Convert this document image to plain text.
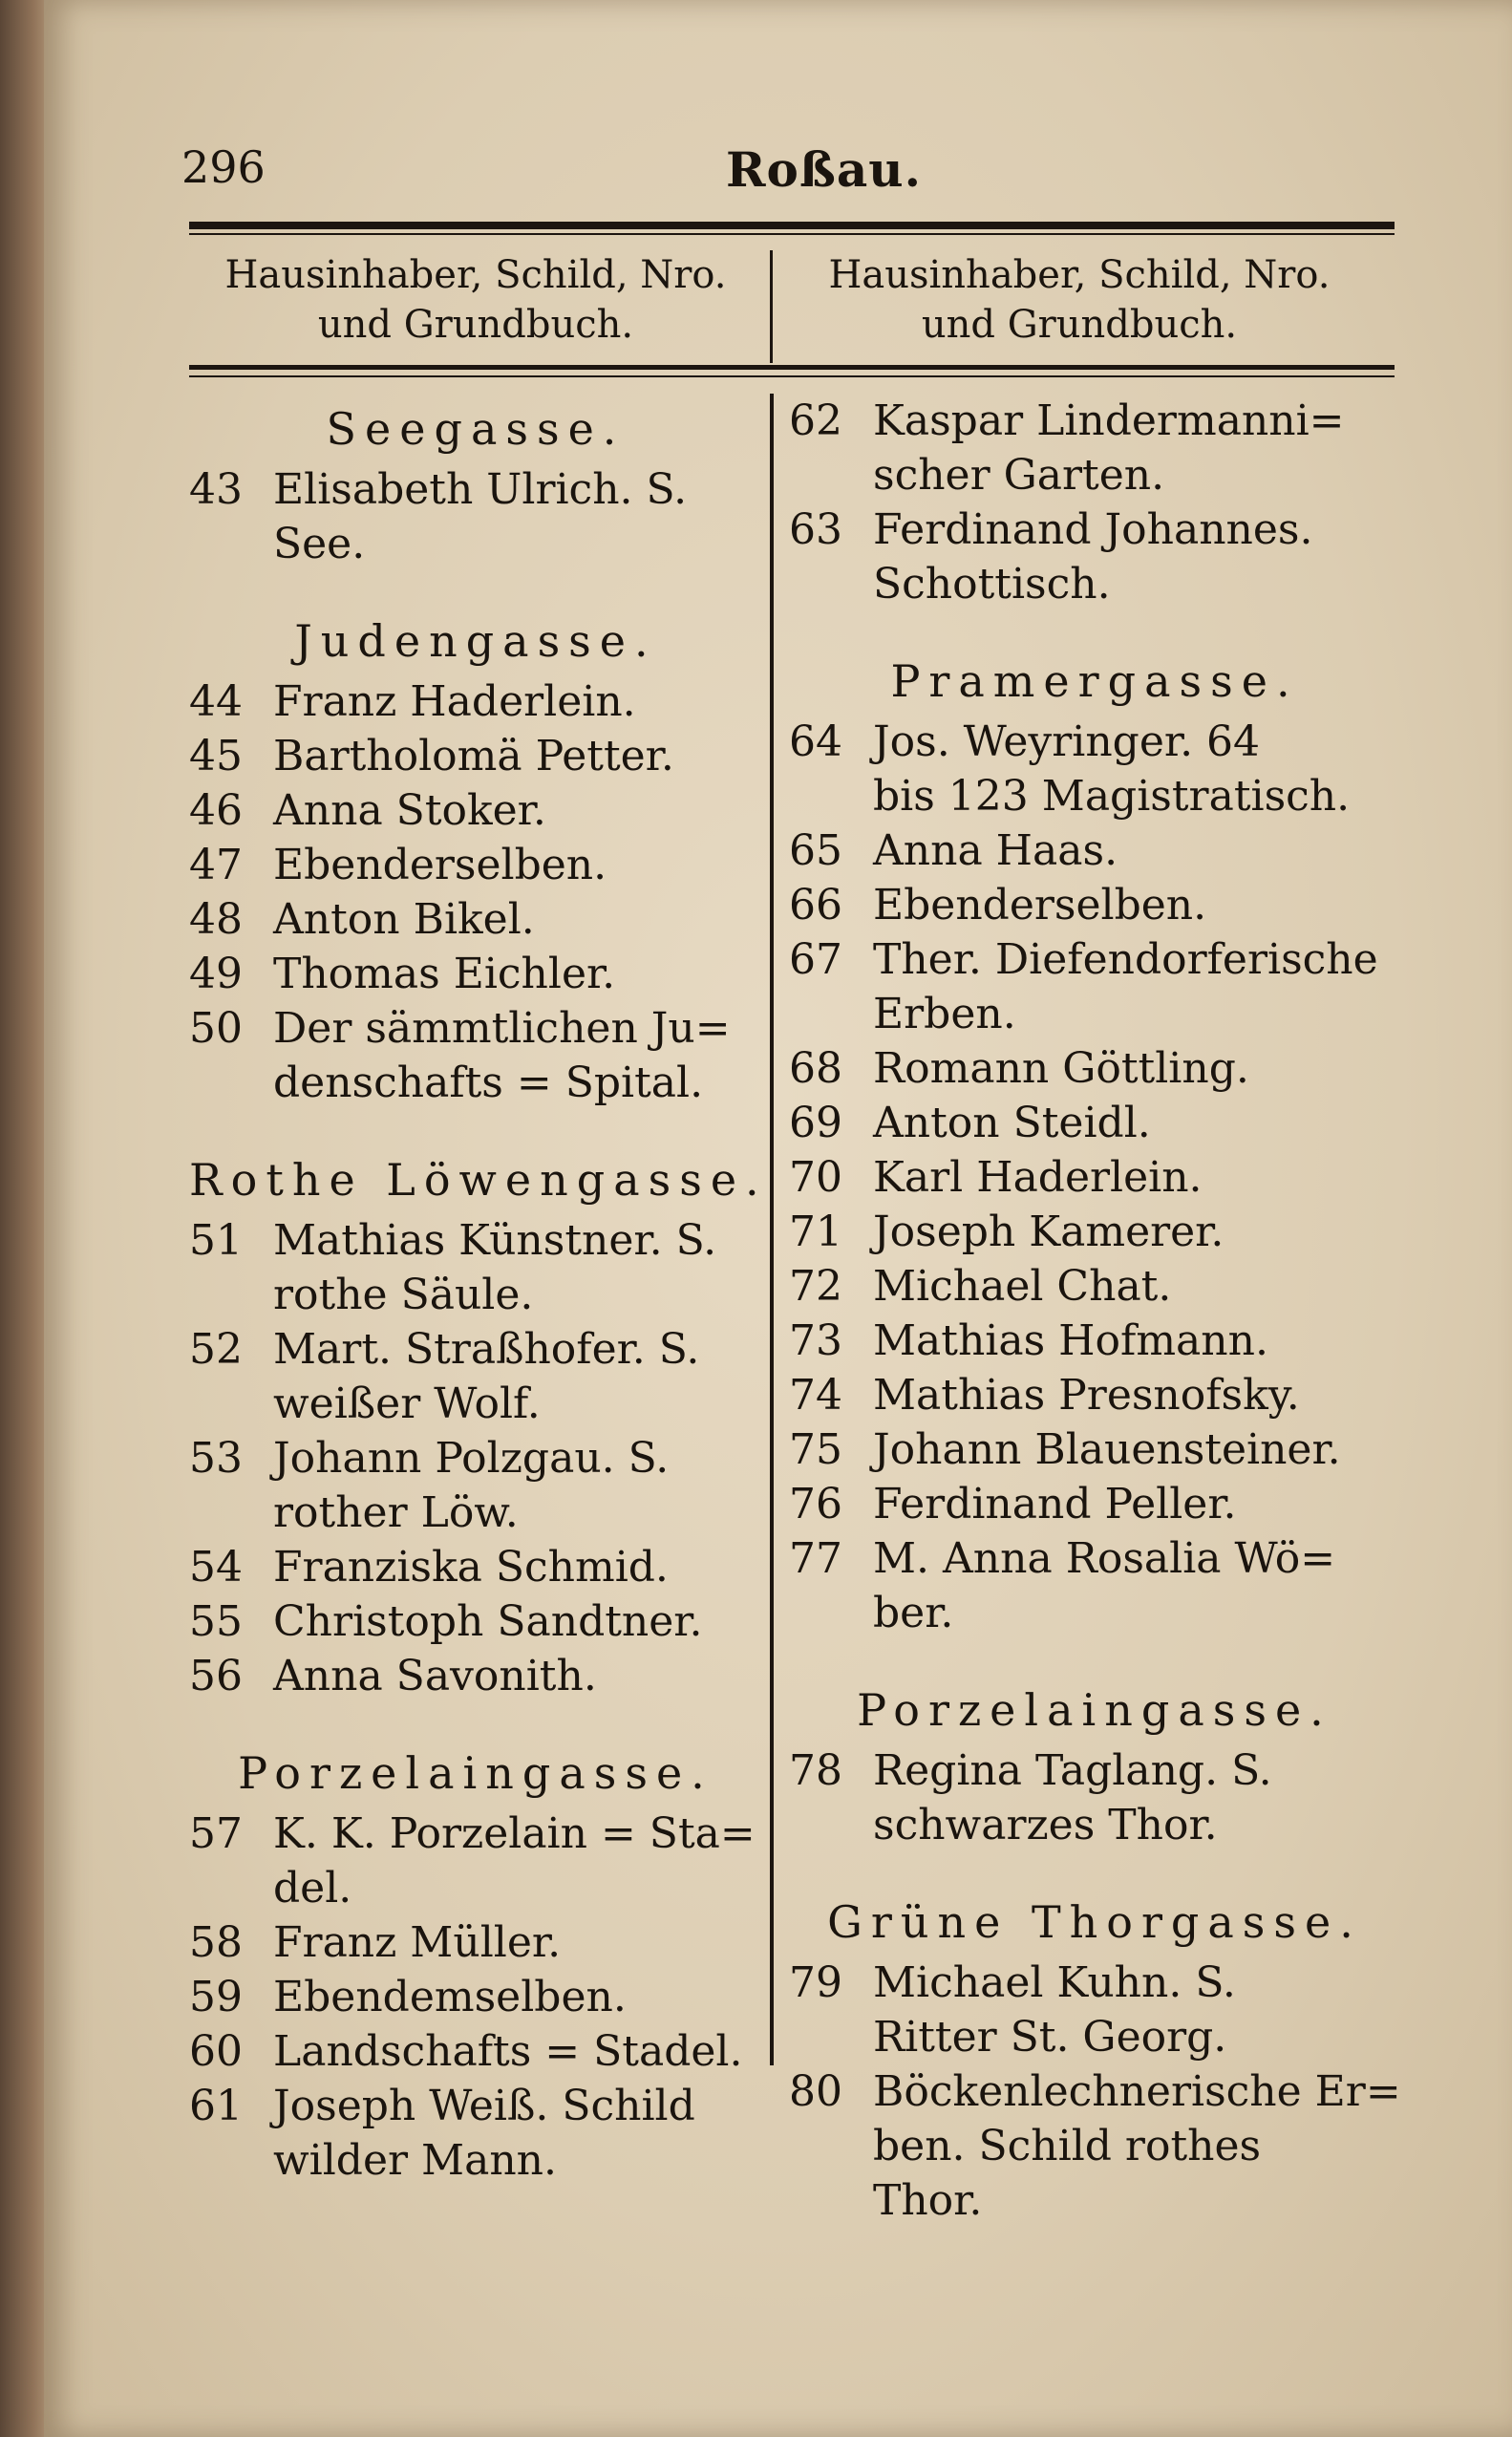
296	Roßau.
Hausinhaber, Schild, Nro.
und Grundbuch.
Hausinhaber, Schild, Nro.
und Grundbuch.
Seegasse.
43 Elisabeth Ulrich. S.
See.
Judengasse.
44 Franz Haderlein.
45 Bartholomä Petter.
46 Anna Stoker.
47 Ebenderselben.
48 Anton Bikel.
49 Thomas Eichler.
50 Der sämmtlichen Ju=
denschafts = Spital.
Rothe Löwengasse.
51 Mathias Künstner. S.
rothe Säule.
52 Mart. Straßhofer. S.
weißer Wolf.
53 Johann Polzgau. S.
rother Löw.
54 Franziska Schmid.
55 Christoph Sandtner.
56 Anna Savonith.
Porzelaingasse.
57 K. K. Porzelain = Sta=
del.
58 Franz Müller.
59 Ebendemselben.
60 Landschafts = Stadel.
61 Joseph Weiß. Schild
wilder Mann.
62 Kaspar Lindermanni=
scher Garten.
63 Ferdinand Johannes.
Schottisch.
Pramergasse.
64 Jos. Weyringer. 64
bis 123 Magistratisch.
65 Anna Haas.
66 Ebenderselben.
67 Ther. Diefendorferische
Erben.
68 Romann Göttling.
69 Anton Steidl.
70 Karl Haderlein.
71 Joseph Kamerer.
72 Michael Chat.
73 Mathias Hofmann.
74 Mathias Presnofsky.
75 Johann Blauensteiner.
76 Ferdinand Peller.
77 M. Anna Rosalia Wö=
ber.
Porzelaingasse.
78 Regina Taglang. S.
schwarzes Thor.
Grüne Thorgasse.
79 Michael Kuhn. S.
Ritter St. Georg.
80 Böckenlechnerische Er=
ben. Schild rothes
Thor.
